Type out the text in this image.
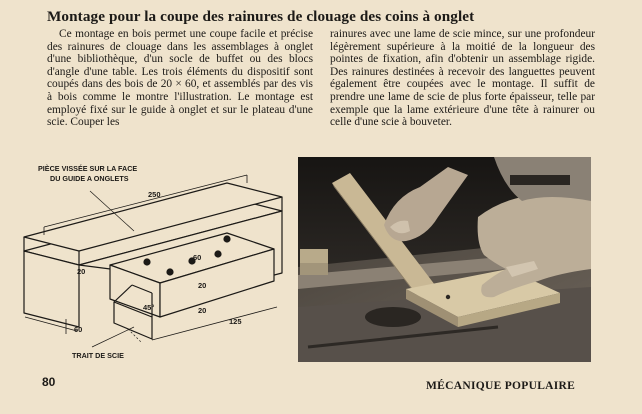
Montage pour la coupe des rainures de clouage des coins à onglet

Ce montage en bois permet une coupe facile et précise des rainures de clouage dans les assemblages à onglet d'une bibliothèque, d'un socle de buffet ou des blocs d'angle d'une table. Les trois éléments du dispositif sont coupés dans des bois de 20 × 60, et assemblés par des vis à bois comme le montre l'illustration. Le montage est employé fixé sur le guide à onglet et sur le plateau d'une scie. Couper les

rainures avec une lame de scie mince, sur une profondeur légèrement supérieure à la moitié de la longueur des pointes de fixation, afin d'obtenir un assemblage rigide. Des rainures destinées à recevoir des languettes peuvent également être coupées avec le montage. Il suffit de prendre une lame de scie de plus forte épaisseur, telle par exemple que la lame extérieure d'une tête à rainurer ou celle d'une scie à bouveter.

PIÈCE VISSÉE SUR LA FACE
DU GUIDE A ONGLETS
TRAIT DE SCIE
250
20
60
60
20
20
45°
125
80	MÉCANIQUE POPULAIRE
